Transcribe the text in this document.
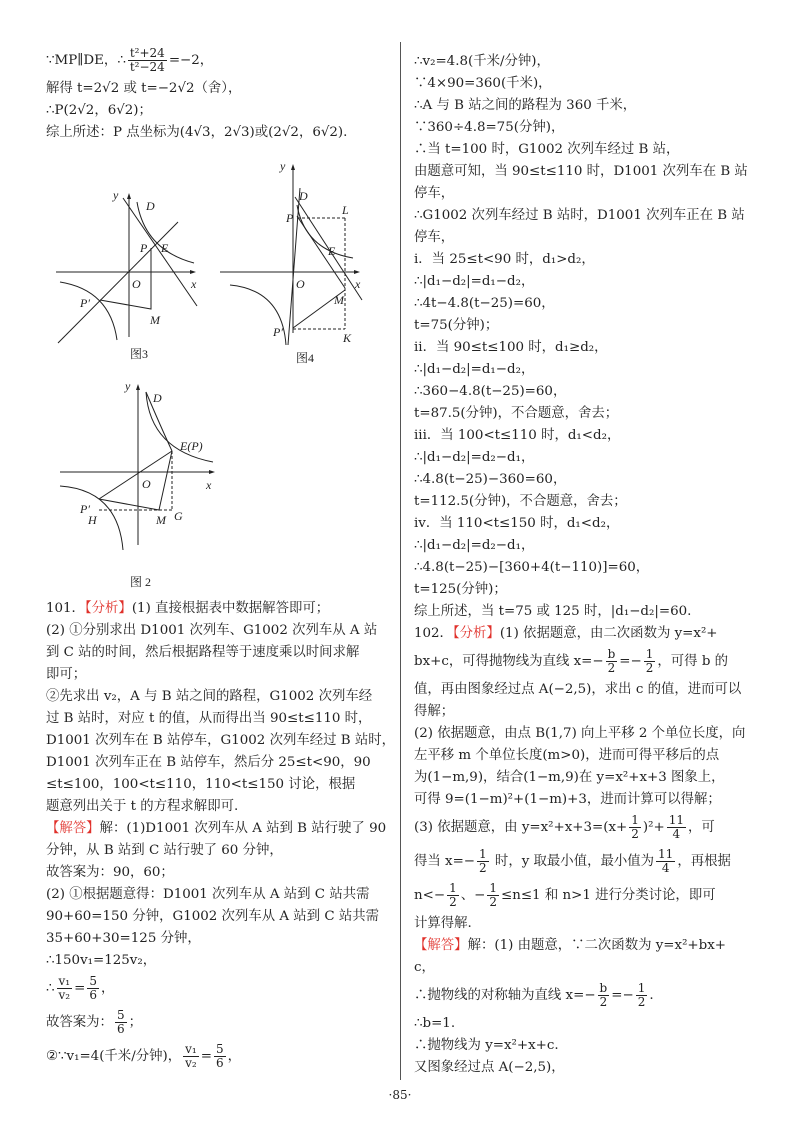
∵MP∥DE，∴ $\frac{\text{t²+24}}{\text{t²−24}} =-2$，
解得 t=2√2 或 t=−2√2（舍），
∴P(2√2，6√2)；
综上所述：P 点坐标为(4√3，2√3)或(2√2，6√2).
y
D
P E
O	x
P′
M
图3
y
D
P
L
E
O	x
M
P′	K
图4
y
D
E(P)
O	x
P′
H	M G
图 2
101．【分析】(1) 直接根据表中数据解答即可；
(2) ①分别求出 D1001 次列车、G1002 次列车从 A 站
到 C 站的时间，然后根据路程等于速度乘以时间求解
即可；
②先求出 v₂，A 与 B 站之间的路程，G1002 次列车经
过 B 站时，对应 t 的值，从而得出当 90≤t≤110 时，
D1001 次列车在 B 站停车，G1002 次列车经过 B 站时，
D1001 次列车正在 B 站停车，然后分 25≤t<90，90
≤t≤100，100<t≤110，110<t≤150 讨论，根据
题意列出关于 t 的方程求解即可.
【解答】解：(1)D1001 次列车从 A 站到 B 站行驶了 90
分钟，从 B 站到 C 站行驶了 60 分钟，
故答案为：90，60；
(2) ①根据题意得：D1001 次列车从 A 站到 C 站共需
90+60=150 分钟，G1002 次列车从 A 站到 C 站共需
35+60+30=125 分钟，
∴150v₁=125v₂，
∴ $\frac{\text{v₁}}{\text{v₂}} = \frac{5}{6}$ ，
故答案为： $\frac{5}{6}$ ；
②∵v₁=4(千米/分钟)， $\frac{\text{v₁}}{\text{v₂}} = \frac{5}{6}$ ，
∴v₂=4.8(千米/分钟)，
∵4×90=360(千米)，
∴A 与 B 站之间的路程为 360 千米，
∵360÷4.8=75(分钟)，
∴当 t=100 时，G1002 次列车经过 B 站，
由题意可知，当 90≤t≤110 时，D1001 次列车在 B 站
停车，
∴G1002 次列车经过 B 站时，D1001 次列车正在 B 站
停车，
i．当 25≤t<90 时，d₁>d₂，
∴|d₁−d₂|=d₁−d₂，
∴4t−4.8(t−25)=60，
t=75(分钟)；
ii．当 90≤t≤100 时，d₁≥d₂，
∴|d₁−d₂|=d₁−d₂，
∴360−4.8(t−25)=60，
t=87.5(分钟)，不合题意，舍去；
iii．当 100<t≤110 时，d₁<d₂，
∴|d₁−d₂|=d₂−d₁，
∴4.8(t−25)−360=60，
t=112.5(分钟)，不合题意，舍去；
iv．当 110<t≤150 时，d₁<d₂，
∴|d₁−d₂|=d₂−d₁，
∴4.8(t−25)−[360+4(t−110)]=60，
t=125(分钟)；
综上所述，当 t=75 或 125 时，|d₁−d₂|=60.
102．【分析】(1) 依据题意，由二次函数为 y=x²+
bx+c，可得抛物线为直线 $x=- \frac{b}{2} =- \frac{1}{2}$ ，可得 b 的
值，再由图象经过点 A(−2,5)，求出 c 的值，进而可以
得解；
(2) 依据题意，由点 B(1,7) 向上平移 2 个单位长度，向
左平移 m 个单位长度(m>0)，进而可得平移后的点
为(1−m,9)，结合(1−m,9)在 y=x²+x+3 图象上，
可得 9=(1−m)²+(1−m)+3，进而计算可以得解；
(3) 依据题意，由 $y=x^2+x+3=(x+ \frac{1}{2} )^2+ \frac{11}{4}$ ，可
得当 $x=- \frac{1}{2}$ 时，y 取最小值，最小值为 $\frac{11}{4}$ ，再根据
$n<- \frac{1}{2}$ 、− $\frac{1}{2} \le n\le 1$ 和 n>1 进行分类讨论，即可
计算得解.
【解答】解：(1) 由题意，∵二次函数为 y=x²+bx+
c，
∴抛物线的对称轴为直线 $x=- \frac{b}{2} =- \frac{1}{2}$ .
∴b=1.
∴抛物线为 y=x²+x+c.
又图象经过点 A(−2,5)，
·85·
